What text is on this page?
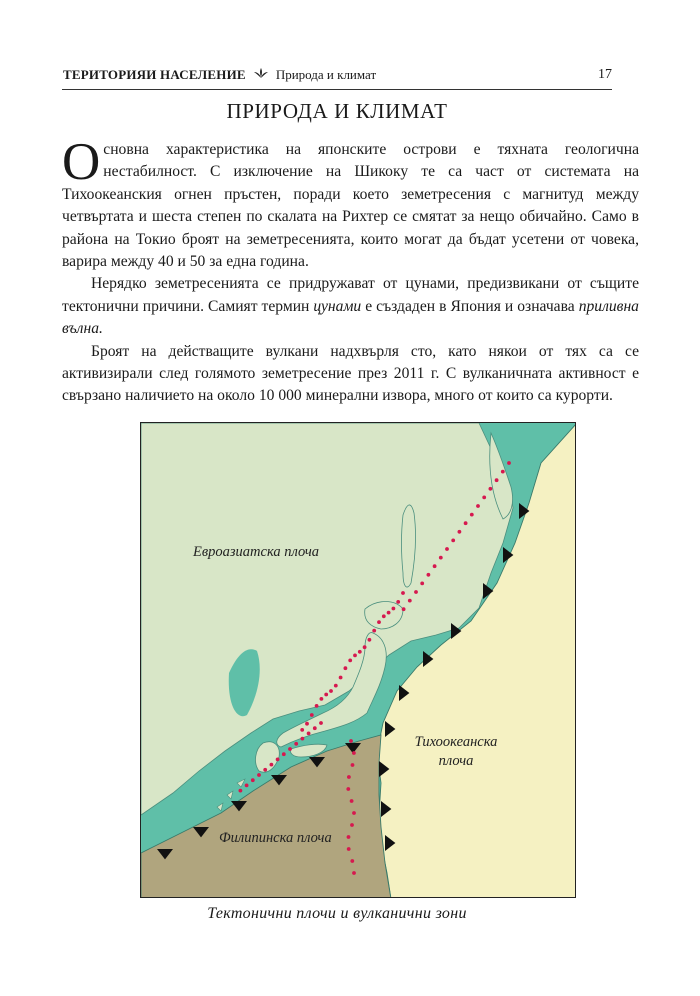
ТЕРИТОРИЯИ НАСЕЛЕНИЕ Природа и климат	17
ПРИРОДА И КЛИМАТ

Основна характеристика на японските острови е тяхната геологична нестабилност. С изключение на Шикоку те са част от системата на Тихоокеанския огнен пръстен, поради което земетресения с магнитуд между четвъртата и шеста степен по скалата на Рихтер се смятат за нещо обичайно. Само в района на Токио броят на земетресенията, които могат да бъдат усетени от човека, варира между 40 и 50 за една година.

Нерядко земетресенията се придружават от цунами, предизвикани от същите тектонични причини. Самият термин цунами е създаден в Япония и означава приливна вълна.

Броят на действащите вулкани надхвърля сто, като някои от тях са се активизирали след голямото земетресение през 2011 г. С вулканичната активност е свързано наличието на около 10 000 минерални извора, много от които са курорти.

Евроазиатска плоча
Тихоокеанска
плоча
Филипинска плоча
Тектонични плочи и вулканични зони
